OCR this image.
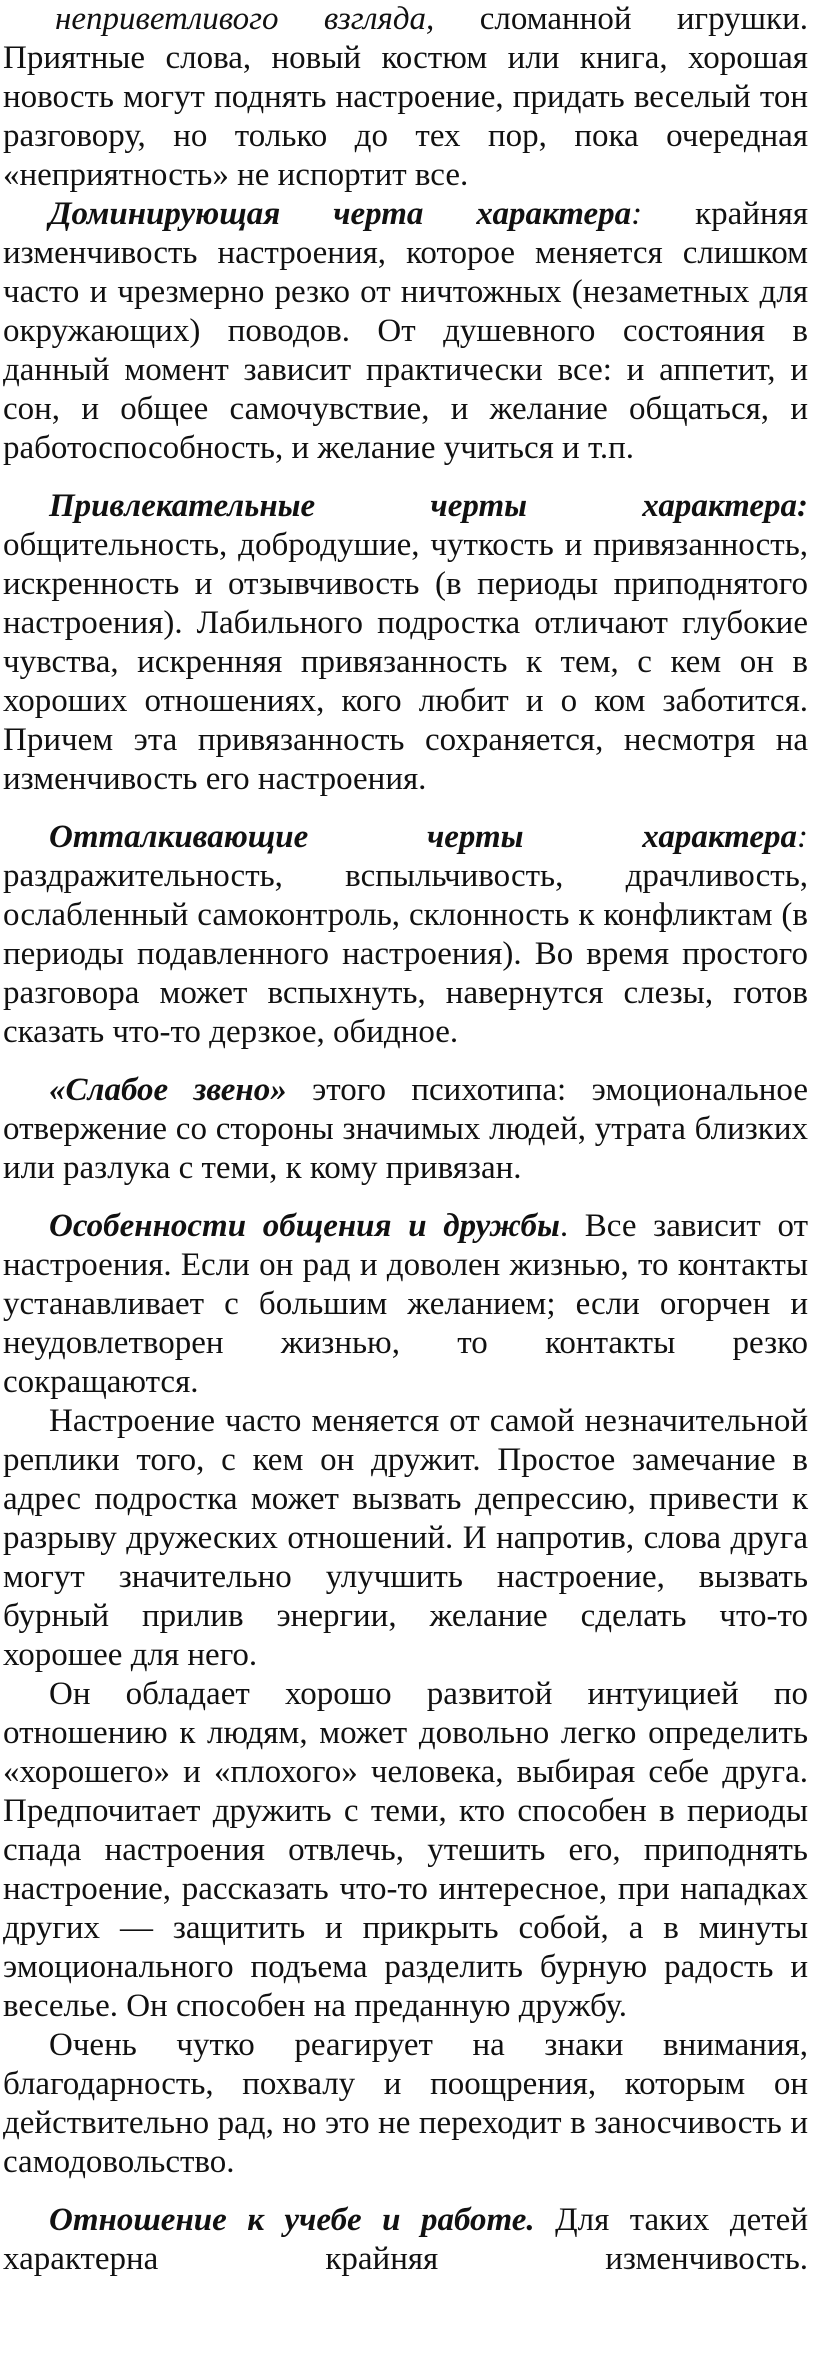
неприветливого взгляда, сломанной игрушки. Приятные слова, новый костюм или книга, хорошая новость могут поднять настроение, придать веселый тон разговору, но только до тех пор, пока очередная «неприятность» не испортит все.

Доминирующая черта характера: крайняя изменчивость настроения, которое меняется слишком часто и чрезмерно резко от ничтожных (незаметных для окружающих) поводов. От душевного состояния в данный момент зависит практически все: и аппетит, и сон, и общее самочувствие, и желание общаться, и работоспособность, и желание учиться и т.п.

Привлекательные черты характера: общительность, добродушие, чуткость и привязанность, искренность и отзывчивость (в периоды приподнятого настроения). Лабильного подростка отличают глубокие чувства, искренняя привязанность к тем, с кем он в хороших отношениях, кого любит и о ком заботится. Причем эта привязанность сохраняется, несмотря на изменчивость его настроения.

Отталкивающие черты характера: раздражительность, вспыльчивость, драчливость, ослабленный самоконтроль, склонность к конфликтам (в периоды подавленного настроения). Во время простого разговора может вспыхнуть, навернутся слезы, готов сказать что-то дерзкое, обидное.

«Слабое звено» этого психотипа: эмоциональное отвержение со стороны значимых людей, утрата близких или разлука с теми, к кому привязан.

Особенности общения и дружбы. Все зависит от настроения. Если он рад и доволен жизнью, то контакты устанавливает с большим желанием; если огорчен и неудовлетворен жизнью, то контакты резко сокращаются.

Настроение часто меняется от самой незначительной реплики того, с кем он дружит. Простое замечание в адрес подростка может вызвать депрессию, привести к разрыву дружеских отношений. И напротив, слова друга могут значительно улучшить настроение, вызвать бурный прилив энергии, желание сделать что-то хорошее для него.

Он обладает хорошо развитой интуицией по отношению к людям, может довольно легко определить «хорошего» и «плохого» человека, выбирая себе друга. Предпочитает дружить с теми, кто способен в периоды спада настроения отвлечь, утешить его, приподнять настроение, рассказать что-то интересное, при нападках других — защитить и прикрыть собой, а в минуты эмоционального подъема разделить бурную радость и веселье. Он способен на преданную дружбу.

Очень чутко реагирует на знаки внимания, благодарность, похвалу и поощрения, которым он действительно рад, но это не переходит в заносчивость и самодовольство.

Отношение к учебе и работе. Для таких детей характерна крайняя изменчивость.
